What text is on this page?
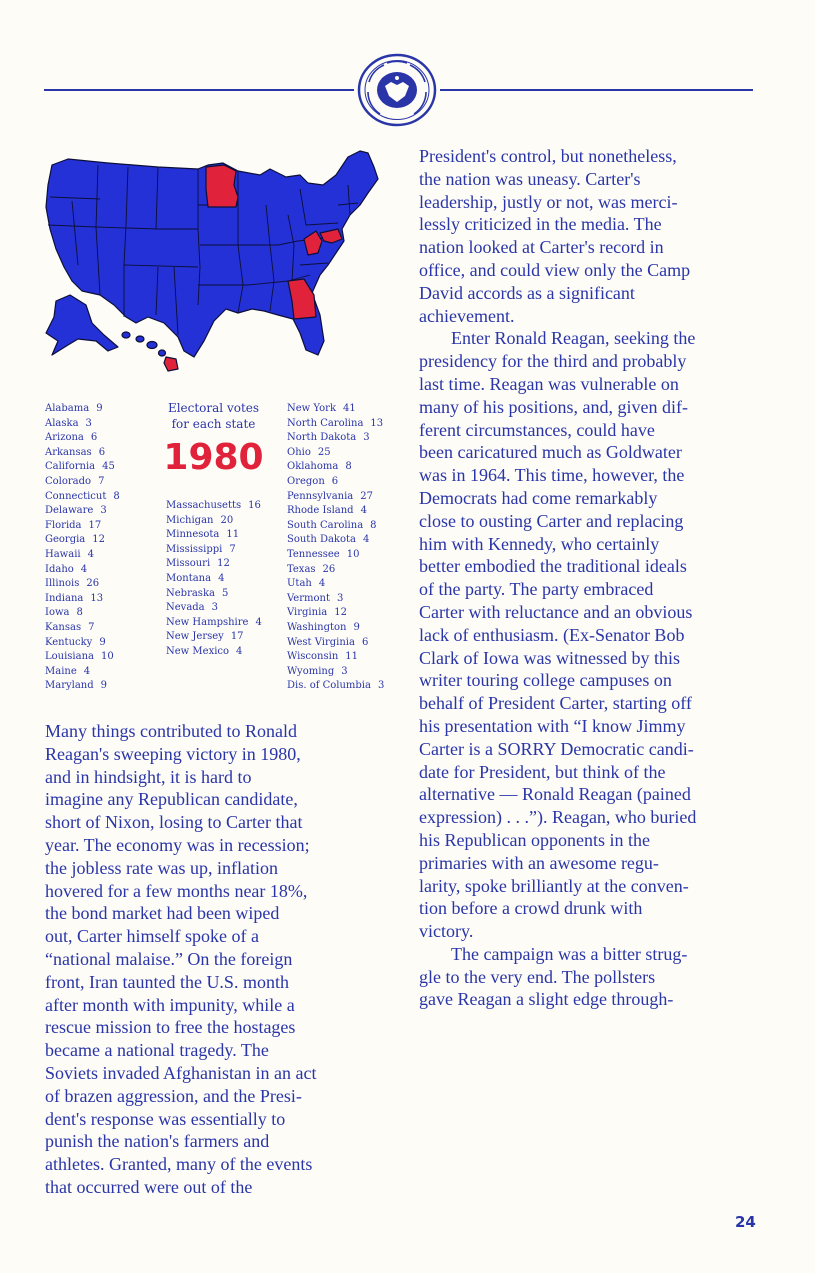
Alabama 9
Alaska 3
Arizona 6
Arkansas 6
California 45
Colorado 7
Connecticut 8
Delaware 3
Florida 17
Georgia 12
Hawaii 4
Idaho 4
Illinois 26
Indiana 13
Iowa 8
Kansas 7
Kentucky 9
Louisiana 10
Maine 4
Maryland 9
Electoral votes
for each state
1980
Massachusetts 16
Michigan 20
Minnesota 11
Mississippi 7
Missouri 12
Montana 4
Nebraska 5
Nevada 3
New Hampshire 4
New Jersey 17
New Mexico 4
New York 41
North Carolina 13
North Dakota 3
Ohio 25
Oklahoma 8
Oregon 6
Pennsylvania 27
Rhode Island 4
South Carolina 8
South Dakota 4
Tennessee 10
Texas 26
Utah 4
Vermont 3
Virginia 12
Washington 9
West Virginia 6
Wisconsin 11
Wyoming 3
Dis. of Columbia 3

Many things contributed to Ronald
Reagan's sweeping victory in 1980,
and in hindsight, it is hard to
imagine any Republican candidate,
short of Nixon, losing to Carter that
year. The economy was in recession;
the jobless rate was up, inflation
hovered for a few months near 18%,
the bond market had been wiped
out, Carter himself spoke of a
“national malaise.” On the foreign
front, Iran taunted the U.S. month
after month with impunity, while a
rescue mission to free the hostages
became a national tragedy. The
Soviets invaded Afghanistan in an act
of brazen aggression, and the Presi-
dent's response was essentially to
punish the nation's farmers and
athletes. Granted, many of the events
that occurred were out of the

President's control, but nonetheless,
the nation was uneasy. Carter's
leadership, justly or not, was merci-
lessly criticized in the media. The
nation looked at Carter's record in
office, and could view only the Camp
David accords as a significant
achievement.

Enter Ronald Reagan, seeking the
presidency for the third and probably
last time. Reagan was vulnerable on
many of his positions, and, given dif-
ferent circumstances, could have
been caricatured much as Goldwater
was in 1964. This time, however, the
Democrats had come remarkably
close to ousting Carter and replacing
him with Kennedy, who certainly
better embodied the traditional ideals
of the party. The party embraced
Carter with reluctance and an obvious
lack of enthusiasm. (Ex-Senator Bob
Clark of Iowa was witnessed by this
writer touring college campuses on
behalf of President Carter, starting off
his presentation with “I know Jimmy
Carter is a SORRY Democratic candi-
date for President, but think of the
alternative — Ronald Reagan (pained
expression) . . .”). Reagan, who buried
his Republican opponents in the
primaries with an awesome regu-
larity, spoke brilliantly at the conven-
tion before a crowd drunk with
victory.

The campaign was a bitter strug-
gle to the very end. The pollsters
gave Reagan a slight edge through-

24
